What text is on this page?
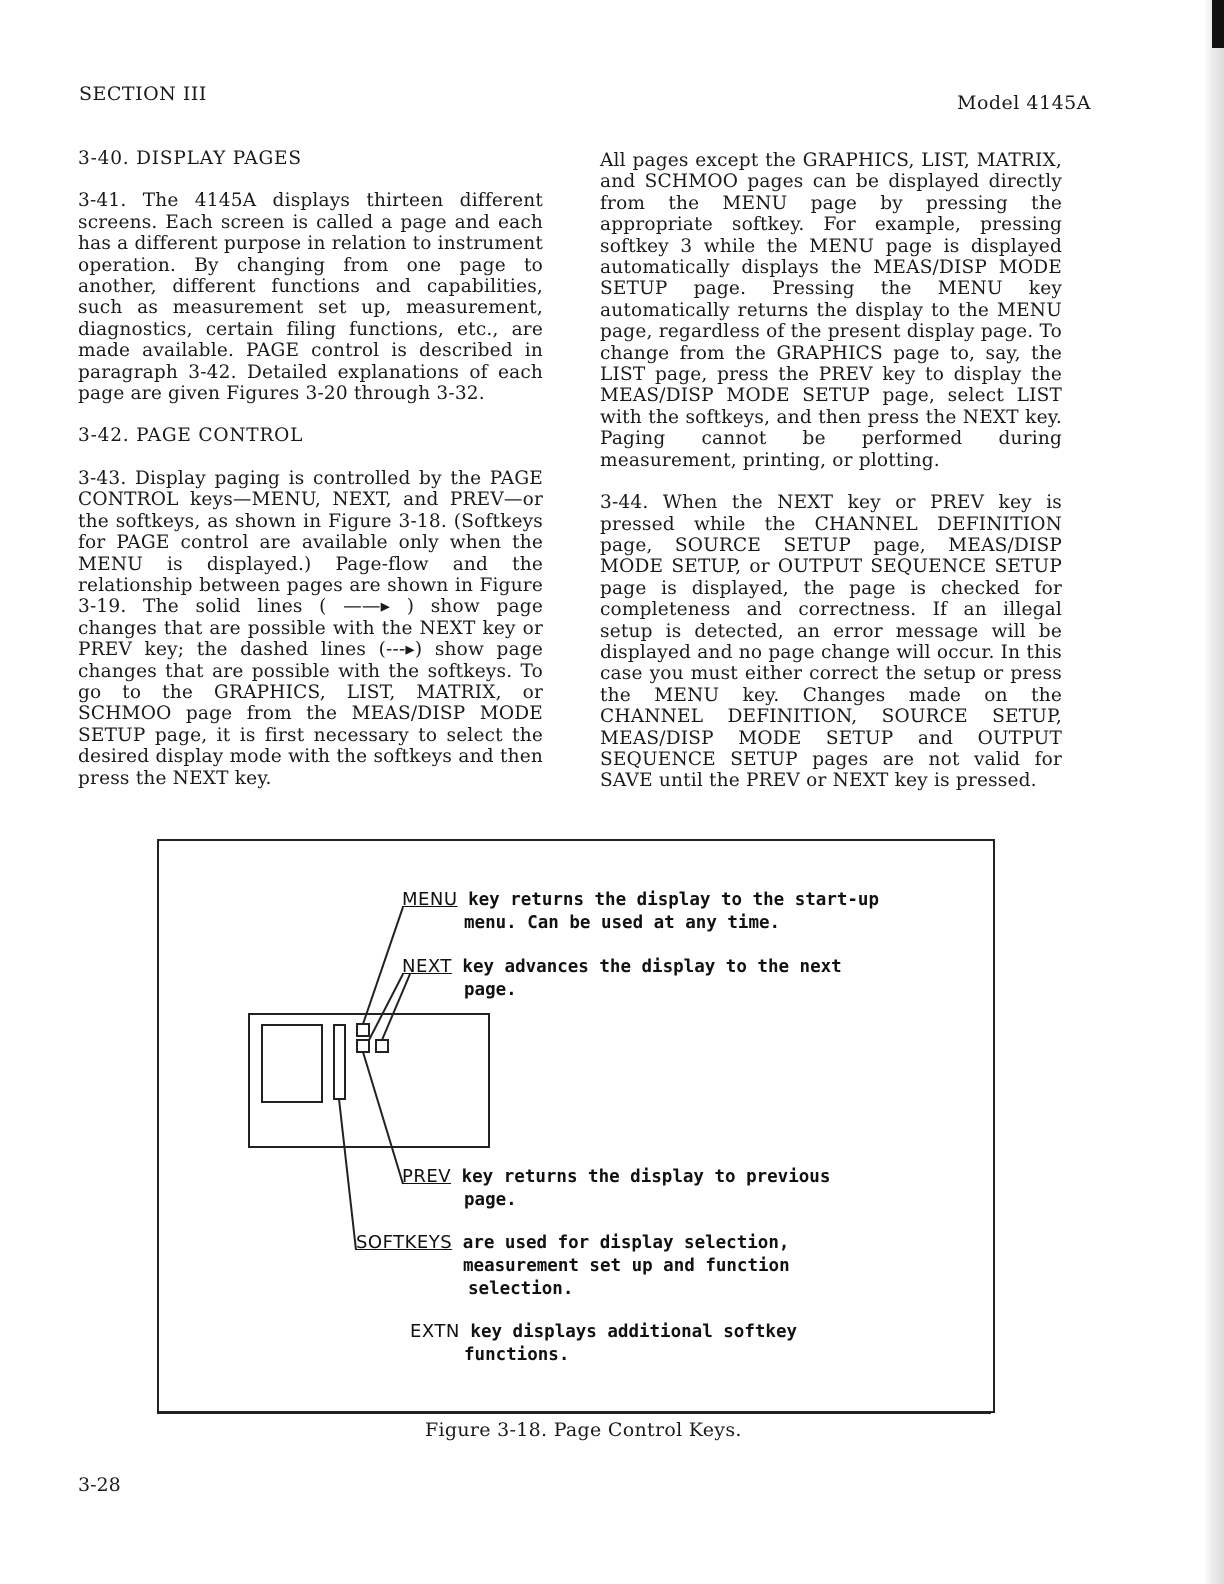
SECTION III	Model 4145A
3-40. DISPLAY PAGES

3-41. The 4145A displays thirteen different screens. Each screen is called a page and each has a different purpose in relation to instrument operation. By changing from one page to another, different functions and capabilities, such as measurement set up, measurement, diagnostics, certain filing functions, etc., are made available. PAGE control is described in paragraph 3-42. Detailed explanations of each page are given Figures 3-20 through 3-32.

3-42. PAGE CONTROL

3-43. Display paging is controlled by the PAGE CONTROL keys—MENU, NEXT, and PREV—or the softkeys, as shown in Figure 3-18. (Softkeys for PAGE control are available only when the MENU is displayed.) Page-flow and the relationship between pages are shown in Figure 3-19. The solid lines ( ——▸ ) show page changes that are possible with the NEXT key or PREV key; the dashed lines (---▸) show page changes that are possible with the softkeys. To go to the GRAPHICS, LIST, MATRIX, or SCHMOO page from the MEAS/DISP MODE SETUP page, it is first necessary to select the desired display mode with the softkeys and then press the NEXT key.

All pages except the GRAPHICS, LIST, MATRIX, and SCHMOO pages can be displayed directly from the MENU page by pressing the appropriate softkey. For example, pressing softkey 3 while the MENU page is displayed automatically displays the MEAS/DISP MODE SETUP page. Pressing the MENU key automatically returns the display to the MENU page, regardless of the present display page. To change from the GRAPHICS page to, say, the LIST page, press the PREV key to display the MEAS/DISP MODE SETUP page, select LIST with the softkeys, and then press the NEXT key. Paging cannot be performed during measurement, printing, or plotting.

3-44. When the NEXT key or PREV key is pressed while the CHANNEL DEFINITION page, SOURCE SETUP page, MEAS/DISP MODE SETUP, or OUTPUT SEQUENCE SETUP page is displayed, the page is checked for completeness and correctness. If an illegal setup is detected, an error message will be displayed and no page change will occur. In this case you must either correct the setup or press the MENU key. Changes made on the CHANNEL DEFINITION, SOURCE SETUP, MEAS/DISP MODE SETUP and OUTPUT SEQUENCE SETUP pages are not valid for SAVE until the PREV or NEXT key is pressed.

MENU key returns the display to the start-up
menu. Can be used at any time.
NEXT key advances the display to the next
page.
PREV key returns the display to previous
page.
SOFTKEYS are used for display selection,
measurement set up and function
selection.
EXTN key displays additional softkey
functions.
Figure 3-18. Page Control Keys.
3-28
